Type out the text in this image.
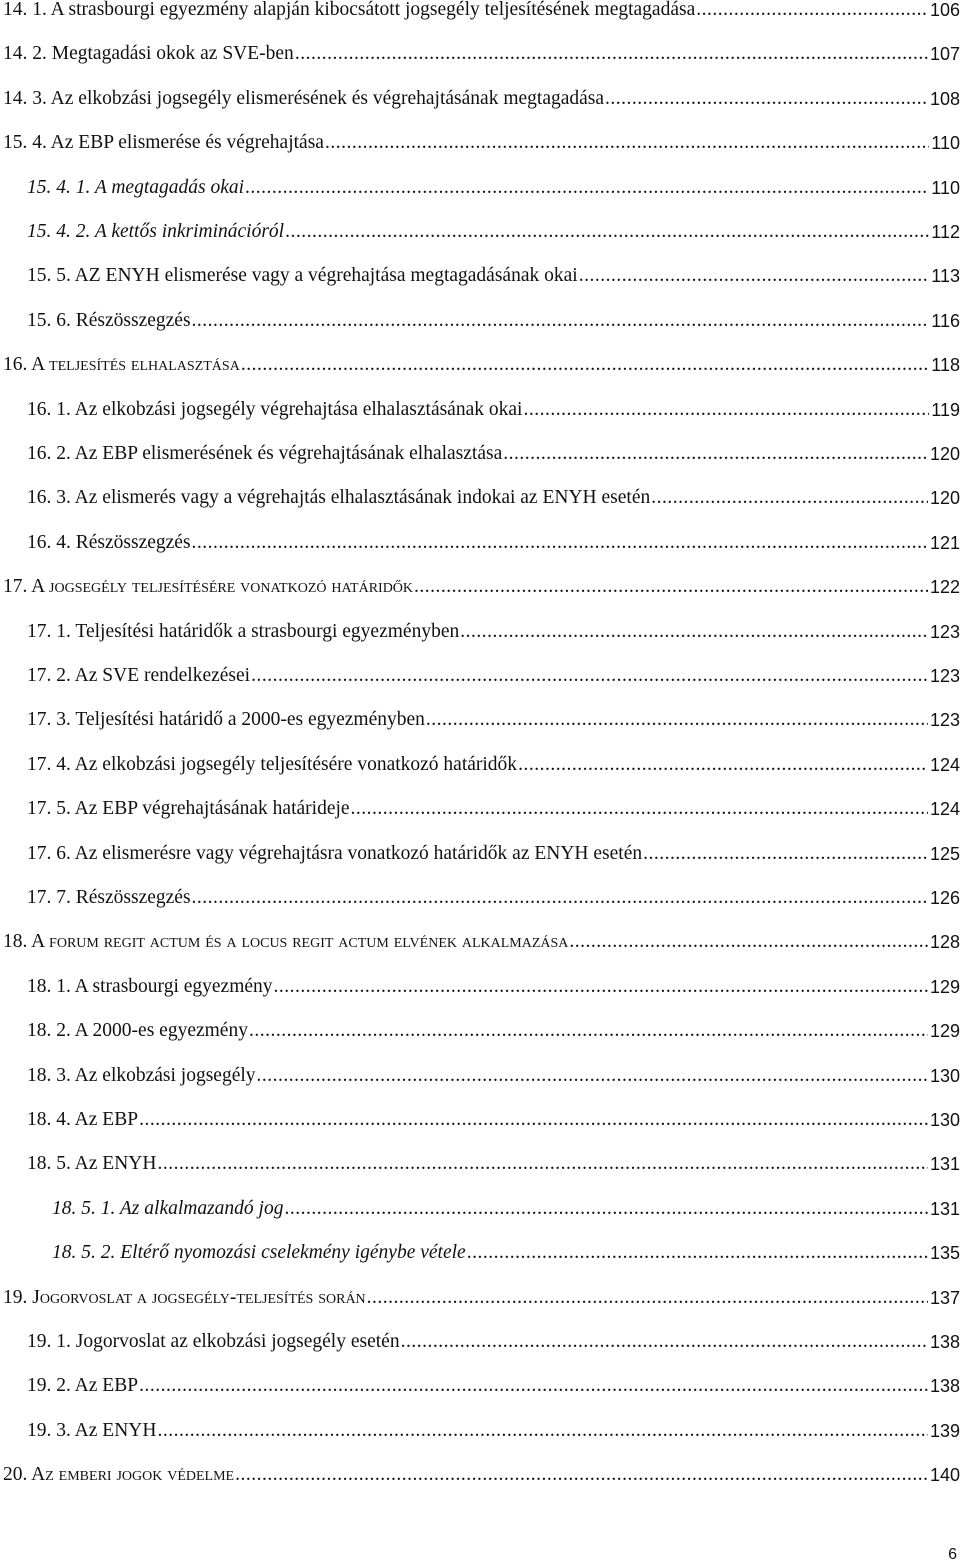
14. 1. A strasbourgi egyezmény alapján kibocsátott jogsegély teljesítésének megtagadása .....	106
14. 2. Megtagadási okok az SVE-ben .....	107
14. 3. Az elkobzási jogsegély elismerésének és végrehajtásának megtagadása .....	108
15. 4. Az EBP elismerése és végrehajtása .....	110
15. 4. 1. A megtagadás okai .....	110
15. 4. 2. A kettős inkriminációról .....	112
15. 5. AZ ENYH elismerése vagy a végrehajtása megtagadásának okai .....	113
15. 6. Részösszegzés .....	116
16. A teljesítés elhalasztása .....	118
16. 1. Az elkobzási jogsegély végrehajtása elhalasztásának okai .....	119
16. 2. Az EBP elismerésének és végrehajtásának elhalasztása .....	120
16. 3. Az elismerés vagy a végrehajtás elhalasztásának indokai az ENYH esetén .....	120
16. 4. Részösszegzés .....	121
17. A jogsegély teljesítésére vonatkozó határidők .....	122
17. 1. Teljesítési határidők a strasbourgi egyezményben .....	123
17. 2. Az SVE rendelkezései .....	123
17. 3. Teljesítési határidő a 2000-es egyezményben .....	123
17. 4. Az elkobzási jogsegély teljesítésére vonatkozó határidők .....	124
17. 5. Az EBP végrehajtásának határideje .....	124
17. 6. Az elismerésre vagy végrehajtásra vonatkozó határidők az ENYH esetén .....	125
17. 7. Részösszegzés .....	126
18. A forum regit actum és a locus regit actum elvének alkalmazása .....	128
18. 1. A strasbourgi egyezmény .....	129
18. 2. A 2000-es egyezmény .....	129
18. 3. Az elkobzási jogsegély .....	130
18. 4. Az EBP .....	130
18. 5. Az ENYH .....	131
18. 5. 1. Az alkalmazandó jog .....	131
18. 5. 2. Eltérő nyomozási cselekmény igénybe vétele .....	135
19. Jogorvoslat a jogsegély-teljesítés során .....	137
19. 1. Jogorvoslat az elkobzási jogsegély esetén .....	138
19. 2. Az EBP .....	138
19. 3. Az ENYH .....	139
20. Az emberi jogok védelme .....	140
6
